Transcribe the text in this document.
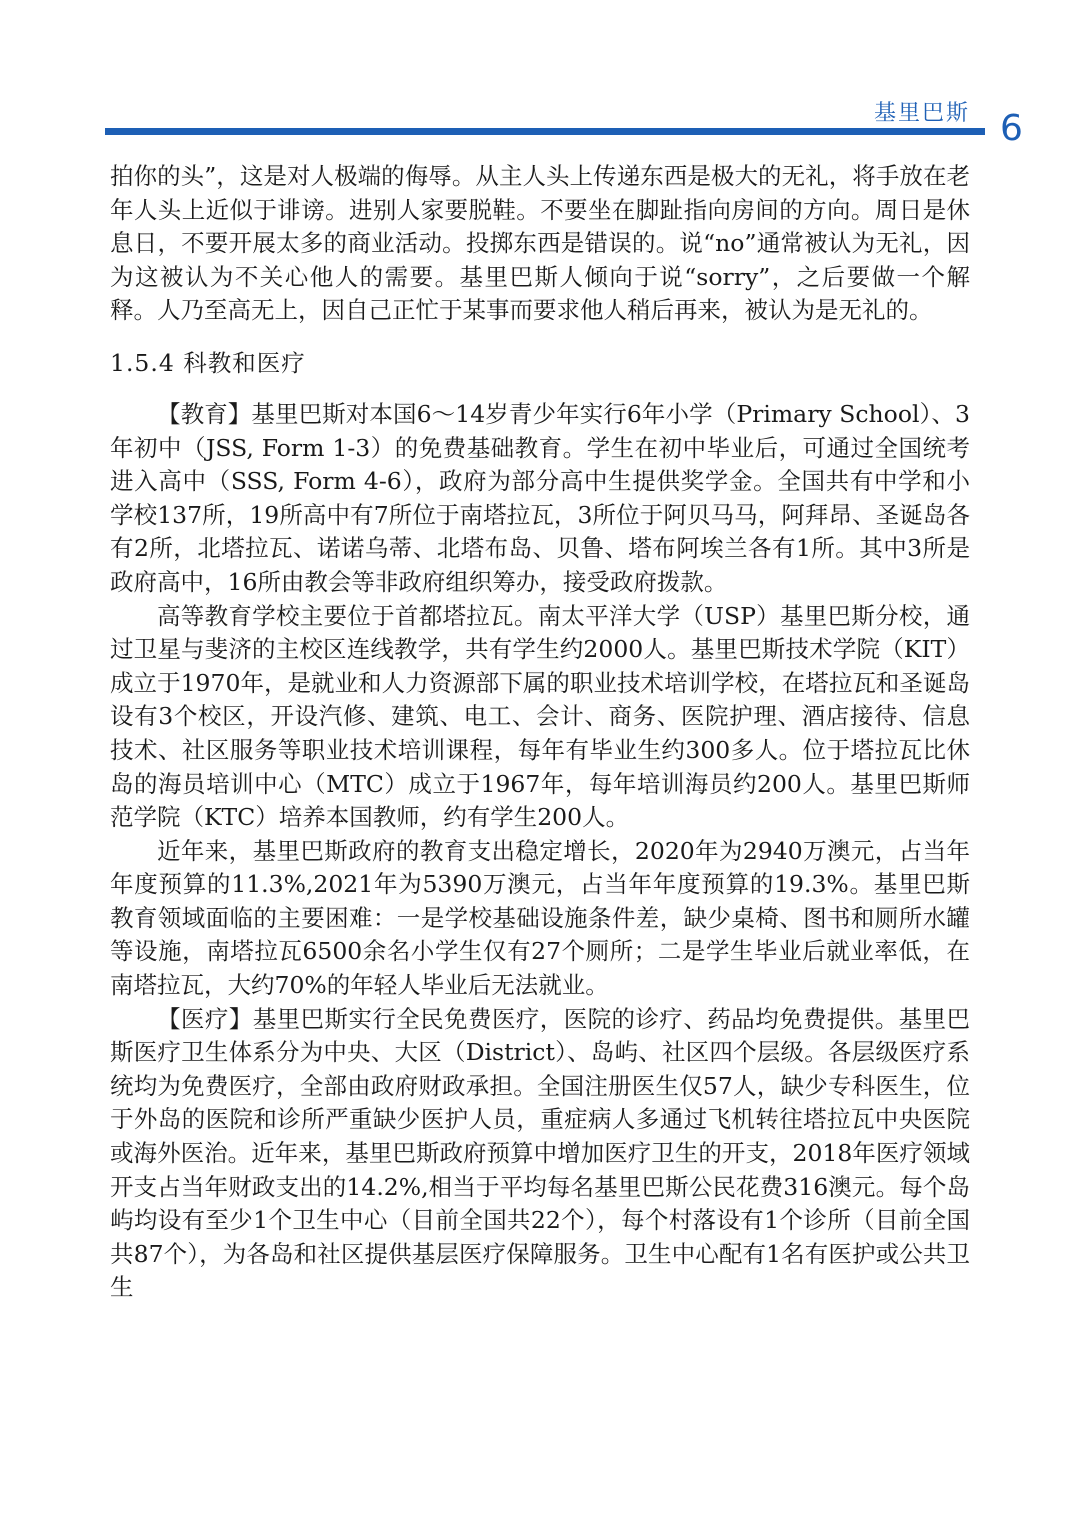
基里巴斯 6

拍你的头”，这是对人极端的侮辱。从主人头上传递东西是极大的无礼，将手放在老年人头上近似于诽谤。进别人家要脱鞋。不要坐在脚趾指向房间的方向。周日是休息日，不要开展太多的商业活动。投掷东西是错误的。说“no”通常被认为无礼，因为这被认为不关心他人的需要。基里巴斯人倾向于说“sorry”，之后要做一个解释。人乃至高无上，因自己正忙于某事而要求他人稍后再来，被认为是无礼的。

1.5.4 科教和医疗

【教育】基里巴斯对本国6～14岁青少年实行6年小学（Primary School）、3年初中（JSS, Form 1-3）的免费基础教育。学生在初中毕业后，可通过全国统考进入高中（SSS, Form 4-6），政府为部分高中生提供奖学金。全国共有中学和小学校137所，19所高中有7所位于南塔拉瓦，3所位于阿贝马马，阿拜昂、圣诞岛各有2所，北塔拉瓦、诺诺乌蒂、北塔布岛、贝鲁、塔布阿埃兰各有1所。其中3所是政府高中，16所由教会等非政府组织筹办，接受政府拨款。

高等教育学校主要位于首都塔拉瓦。南太平洋大学（USP）基里巴斯分校，通过卫星与斐济的主校区连线教学，共有学生约2000人。基里巴斯技术学院（KIT）成立于1970年，是就业和人力资源部下属的职业技术培训学校，在塔拉瓦和圣诞岛设有3个校区，开设汽修、建筑、电工、会计、商务、医院护理、酒店接待、信息技术、社区服务等职业技术培训课程，每年有毕业生约300多人。位于塔拉瓦比休岛的海员培训中心（MTC）成立于1967年，每年培训海员约200人。基里巴斯师范学院（KTC）培养本国教师，约有学生200人。

近年来，基里巴斯政府的教育支出稳定增长，2020年为2940万澳元，占当年年度预算的11.3%,2021年为5390万澳元，占当年年度预算的19.3%。基里巴斯教育领域面临的主要困难：一是学校基础设施条件差，缺少桌椅、图书和厕所水罐等设施，南塔拉瓦6500余名小学生仅有27个厕所；二是学生毕业后就业率低，在南塔拉瓦，大约70%的年轻人毕业后无法就业。

【医疗】基里巴斯实行全民免费医疗，医院的诊疗、药品均免费提供。基里巴斯医疗卫生体系分为中央、大区（District）、岛屿、社区四个层级。各层级医疗系统均为免费医疗，全部由政府财政承担。全国注册医生仅57人，缺少专科医生，位于外岛的医院和诊所严重缺少医护人员，重症病人多通过飞机转往塔拉瓦中央医院或海外医治。近年来，基里巴斯政府预算中增加医疗卫生的开支，2018年医疗领域开支占当年财政支出的14.2%,相当于平均每名基里巴斯公民花费316澳元。每个岛屿均设有至少1个卫生中心（目前全国共22个），每个村落设有1个诊所（目前全国共87个），为各岛和社区提供基层医疗保障服务。卫生中心配有1名有医护或公共卫生
